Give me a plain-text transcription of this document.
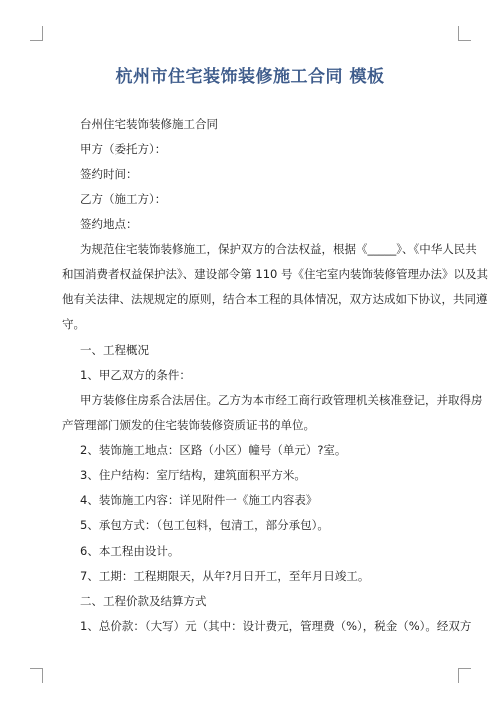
杭州市住宅装饰装修施工合同 模板
台州住宅装饰装修施工合同
甲方（委托方）：
签约时间：
乙方（施工方）：
签约地点：
为规范住宅装饰装修施工，保护双方的合法权益，根据《_____》、《中华人民共
和国消费者权益保护法》、建设部令第 110 号《住宅室内装饰装修管理办法》以及其
他有关法律、法规规定的原则，结合本工程的具体情况，双方达成如下协议，共同遵
守。
一、工程概况
1、甲乙双方的条件：
甲方装修住房系合法居住。乙方为本市经工商行政管理机关核准登记，并取得房
产管理部门颁发的住宅装饰装修资质证书的单位。
2、装饰施工地点：区路（小区）幢号（单元）?室。
3、住户结构：室厅结构，建筑面积平方米。
4、装饰施工内容：详见附件一《施工内容表》
5、承包方式：（包工包料，包清工，部分承包）。
6、本工程由设计。
7、工期：工程期限天，从年?月日开工，至年月日竣工。
二、工程价款及结算方式
1、总价款：（大写）元（其中：设计费元，管理费（%），税金（%）。经双方
